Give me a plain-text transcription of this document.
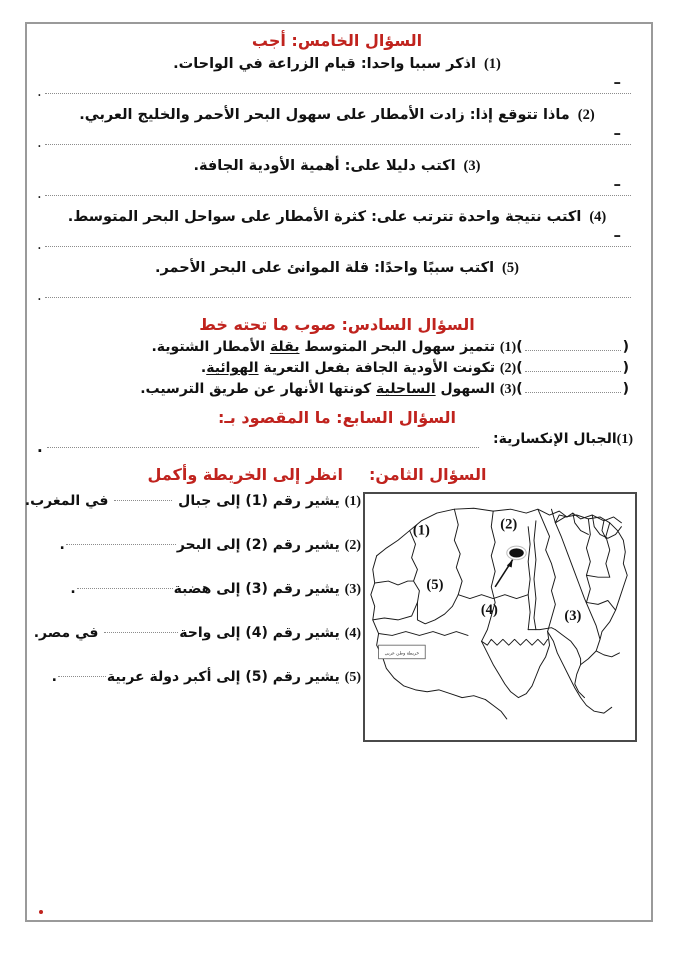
السؤال الخامس: أجب
(1)اذكر سببا واحدا: قيام الزراعة في الواحات.
–
.
(2)ماذا تتوقع إذا: زادت الأمطار على سهول البحر الأحمر والخليج العربي.
–
.
(3)اكتب دليلا على: أهمية الأودية الجافة.
–
.
(4)اكتب نتيجة واحدة تترتب على: كثرة الأمطار على سواحل البحر المتوسط.
–
.
(5)اكتب سببًا واحدًا: قلة الموانئ على البحر الأحمر.
.
السؤال السادس: صوب ما تحته خط
(
)
(1) تتميز سهول البحر المتوسط بقلة الأمطار الشتوية.
(
)
(2) تكونت الأودية الجافة بفعل التعرية الهوائية.
(
)
(3) السهول الساحلية كونتها الأنهار عن طريق الترسيب.
السؤال السابع: ما المقصود بـ:
(1)الجبال الإنكسارية:
.
السؤال الثامن:انظر إلى الخريطة وأكمل
(1) يشير رقم (1) إلى جبال  في المغرب.
(2) يشير رقم (2) إلى البحر.
(3) يشير رقم (3) إلى هضبة.
(4) يشير رقم (4) إلى واحة في مصر.
(5) يشير رقم (5) إلى أكبر دولة عربية.
(1)	(2)
(3)
(4)
(5)
خريطة وطن عربي
